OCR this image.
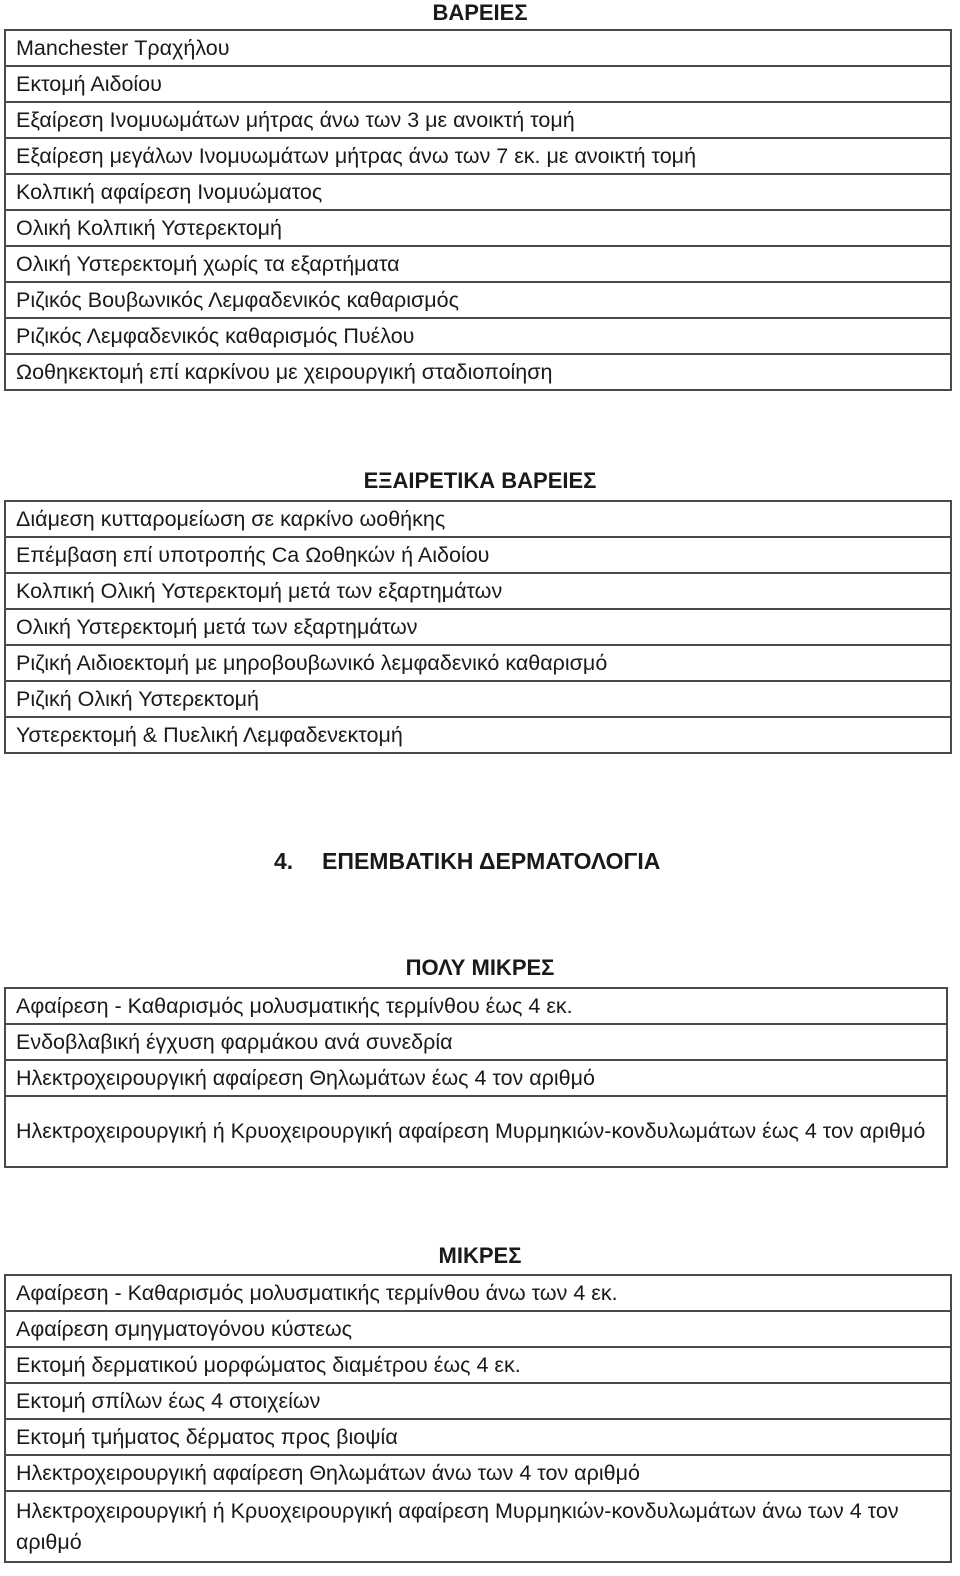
ΒΑΡΕΙΕΣ
Manchester Τραχήλου
Εκτομή Αιδοίου
Εξαίρεση Ινομυωμάτων μήτρας άνω των 3 με ανοικτή τομή
Εξαίρεση μεγάλων Ινομυωμάτων μήτρας άνω των 7 εκ. με ανοικτή τομή
Κολπική αφαίρεση Ινομυώματος
Ολική Κολπική Υστερεκτομή
Ολική Υστερεκτομή χωρίς τα εξαρτήματα
Ριζικός Βουβωνικός Λεμφαδενικός καθαρισμός
Ριζικός Λεμφαδενικός καθαρισμός Πυέλου
Ωοθηκεκτομή επί καρκίνου με χειρουργική σταδιοποίηση
ΕΞΑΙΡΕΤΙΚΑ ΒΑΡΕΙΕΣ
Διάμεση κυτταρομείωση σε καρκίνο ωοθήκης
Επέμβαση επί υποτροπής Ca Ωοθηκών ή Αιδοίου
Κολπική Ολική Υστερεκτομή μετά των εξαρτημάτων
Ολική Υστερεκτομή μετά των εξαρτημάτων
Ριζική Αιδιοεκτομή με μηροβουβωνικό λεμφαδενικό καθαρισμό
Ριζική Ολική Υστερεκτομή
Υστερεκτομή & Πυελική Λεμφαδενεκτομή
4. ΕΠΕΜΒΑΤΙΚΗ ΔΕΡΜΑΤΟΛΟΓΙΑ
ΠΟΛΥ ΜΙΚΡΕΣ
Αφαίρεση - Καθαρισμός μολυσματικής τερμίνθου έως 4 εκ.
Ενδοβλαβική έγχυση φαρμάκου ανά συνεδρία
Ηλεκτροχειρουργική αφαίρεση Θηλωμάτων έως 4 τον αριθμό
Ηλεκτροχειρουργική ή Κρυοχειρουργική αφαίρεση Μυρμηκιών-κονδυλωμάτων έως 4 τον αριθμό
ΜΙΚΡΕΣ
Αφαίρεση - Καθαρισμός μολυσματικής τερμίνθου άνω των 4 εκ.
Αφαίρεση σμηγματογόνου κύστεως
Εκτομή δερματικού μορφώματος διαμέτρου έως 4 εκ.
Εκτομή σπίλων έως 4 στοιχείων
Εκτομή τμήματος δέρματος προς βιοψία
Ηλεκτροχειρουργική αφαίρεση Θηλωμάτων άνω των 4 τον αριθμό
Ηλεκτροχειρουργική ή Κρυοχειρουργική αφαίρεση Μυρμηκιών-κονδυλωμάτων άνω των 4 τον αριθμό
